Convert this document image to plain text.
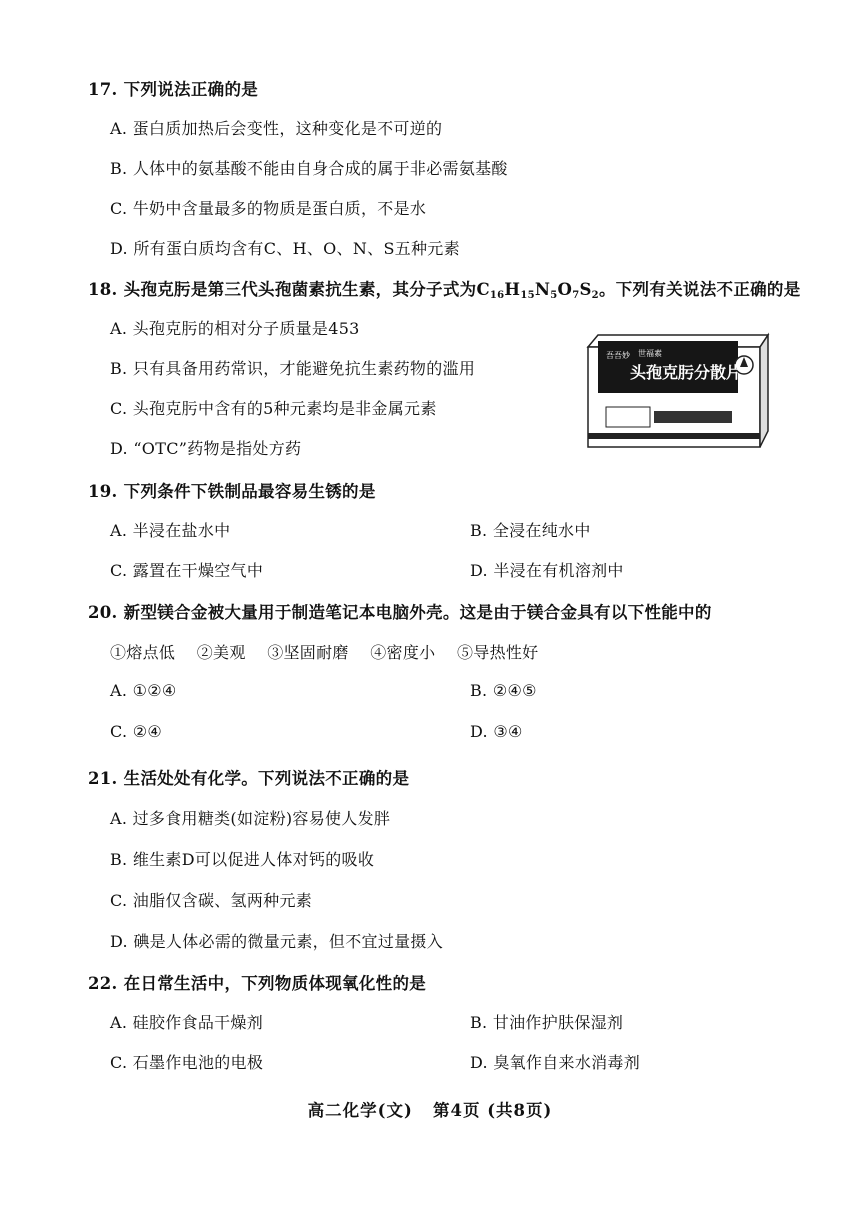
17. 下列说法正确的是
A. 蛋白质加热后会变性，这种变化是不可逆的
B. 人体中的氨基酸不能由自身合成的属于非必需氨基酸
C. 牛奶中含量最多的物质是蛋白质，不是水
D. 所有蛋白质均含有C、H、O、N、S五种元素
18. 头孢克肟是第三代头孢菌素抗生素，其分子式为$C_{16}H_{15}N_5O_7S_2$。下列有关说法不正确的是
A. 头孢克肟的相对分子质量是453
B. 只有具备用药常识，才能避免抗生素药物的滥用
C. 头孢克肟中含有的5种元素均是非金属元素
D. “OTC”药物是指处方药
吾吾妙 世福素
头孢克肟分散片
19. 下列条件下铁制品最容易生锈的是
A. 半浸在盐水中	B. 全浸在纯水中
C. 露置在干燥空气中	D. 半浸在有机溶剂中
20. 新型镁合金被大量用于制造笔记本电脑外壳。这是由于镁合金具有以下性能中的
①熔点低    ②美观    ③坚固耐磨    ④密度小    ⑤导热性好
A. ①②④	B. ②④⑤
C. ②④	D. ③④
21. 生活处处有化学。下列说法不正确的是
A. 过多食用糖类(如淀粉)容易使人发胖
B. 维生素D可以促进人体对钙的吸收
C. 油脂仅含碳、氢两种元素
D. 碘是人体必需的微量元素，但不宜过量摄入
22. 在日常生活中，下列物质体现氧化性的是
A. 硅胶作食品干燥剂	B. 甘油作护肤保湿剂
C. 石墨作电池的电极	D. 臭氧作自来水消毒剂
高二化学(文)   第4页 (共8页)
